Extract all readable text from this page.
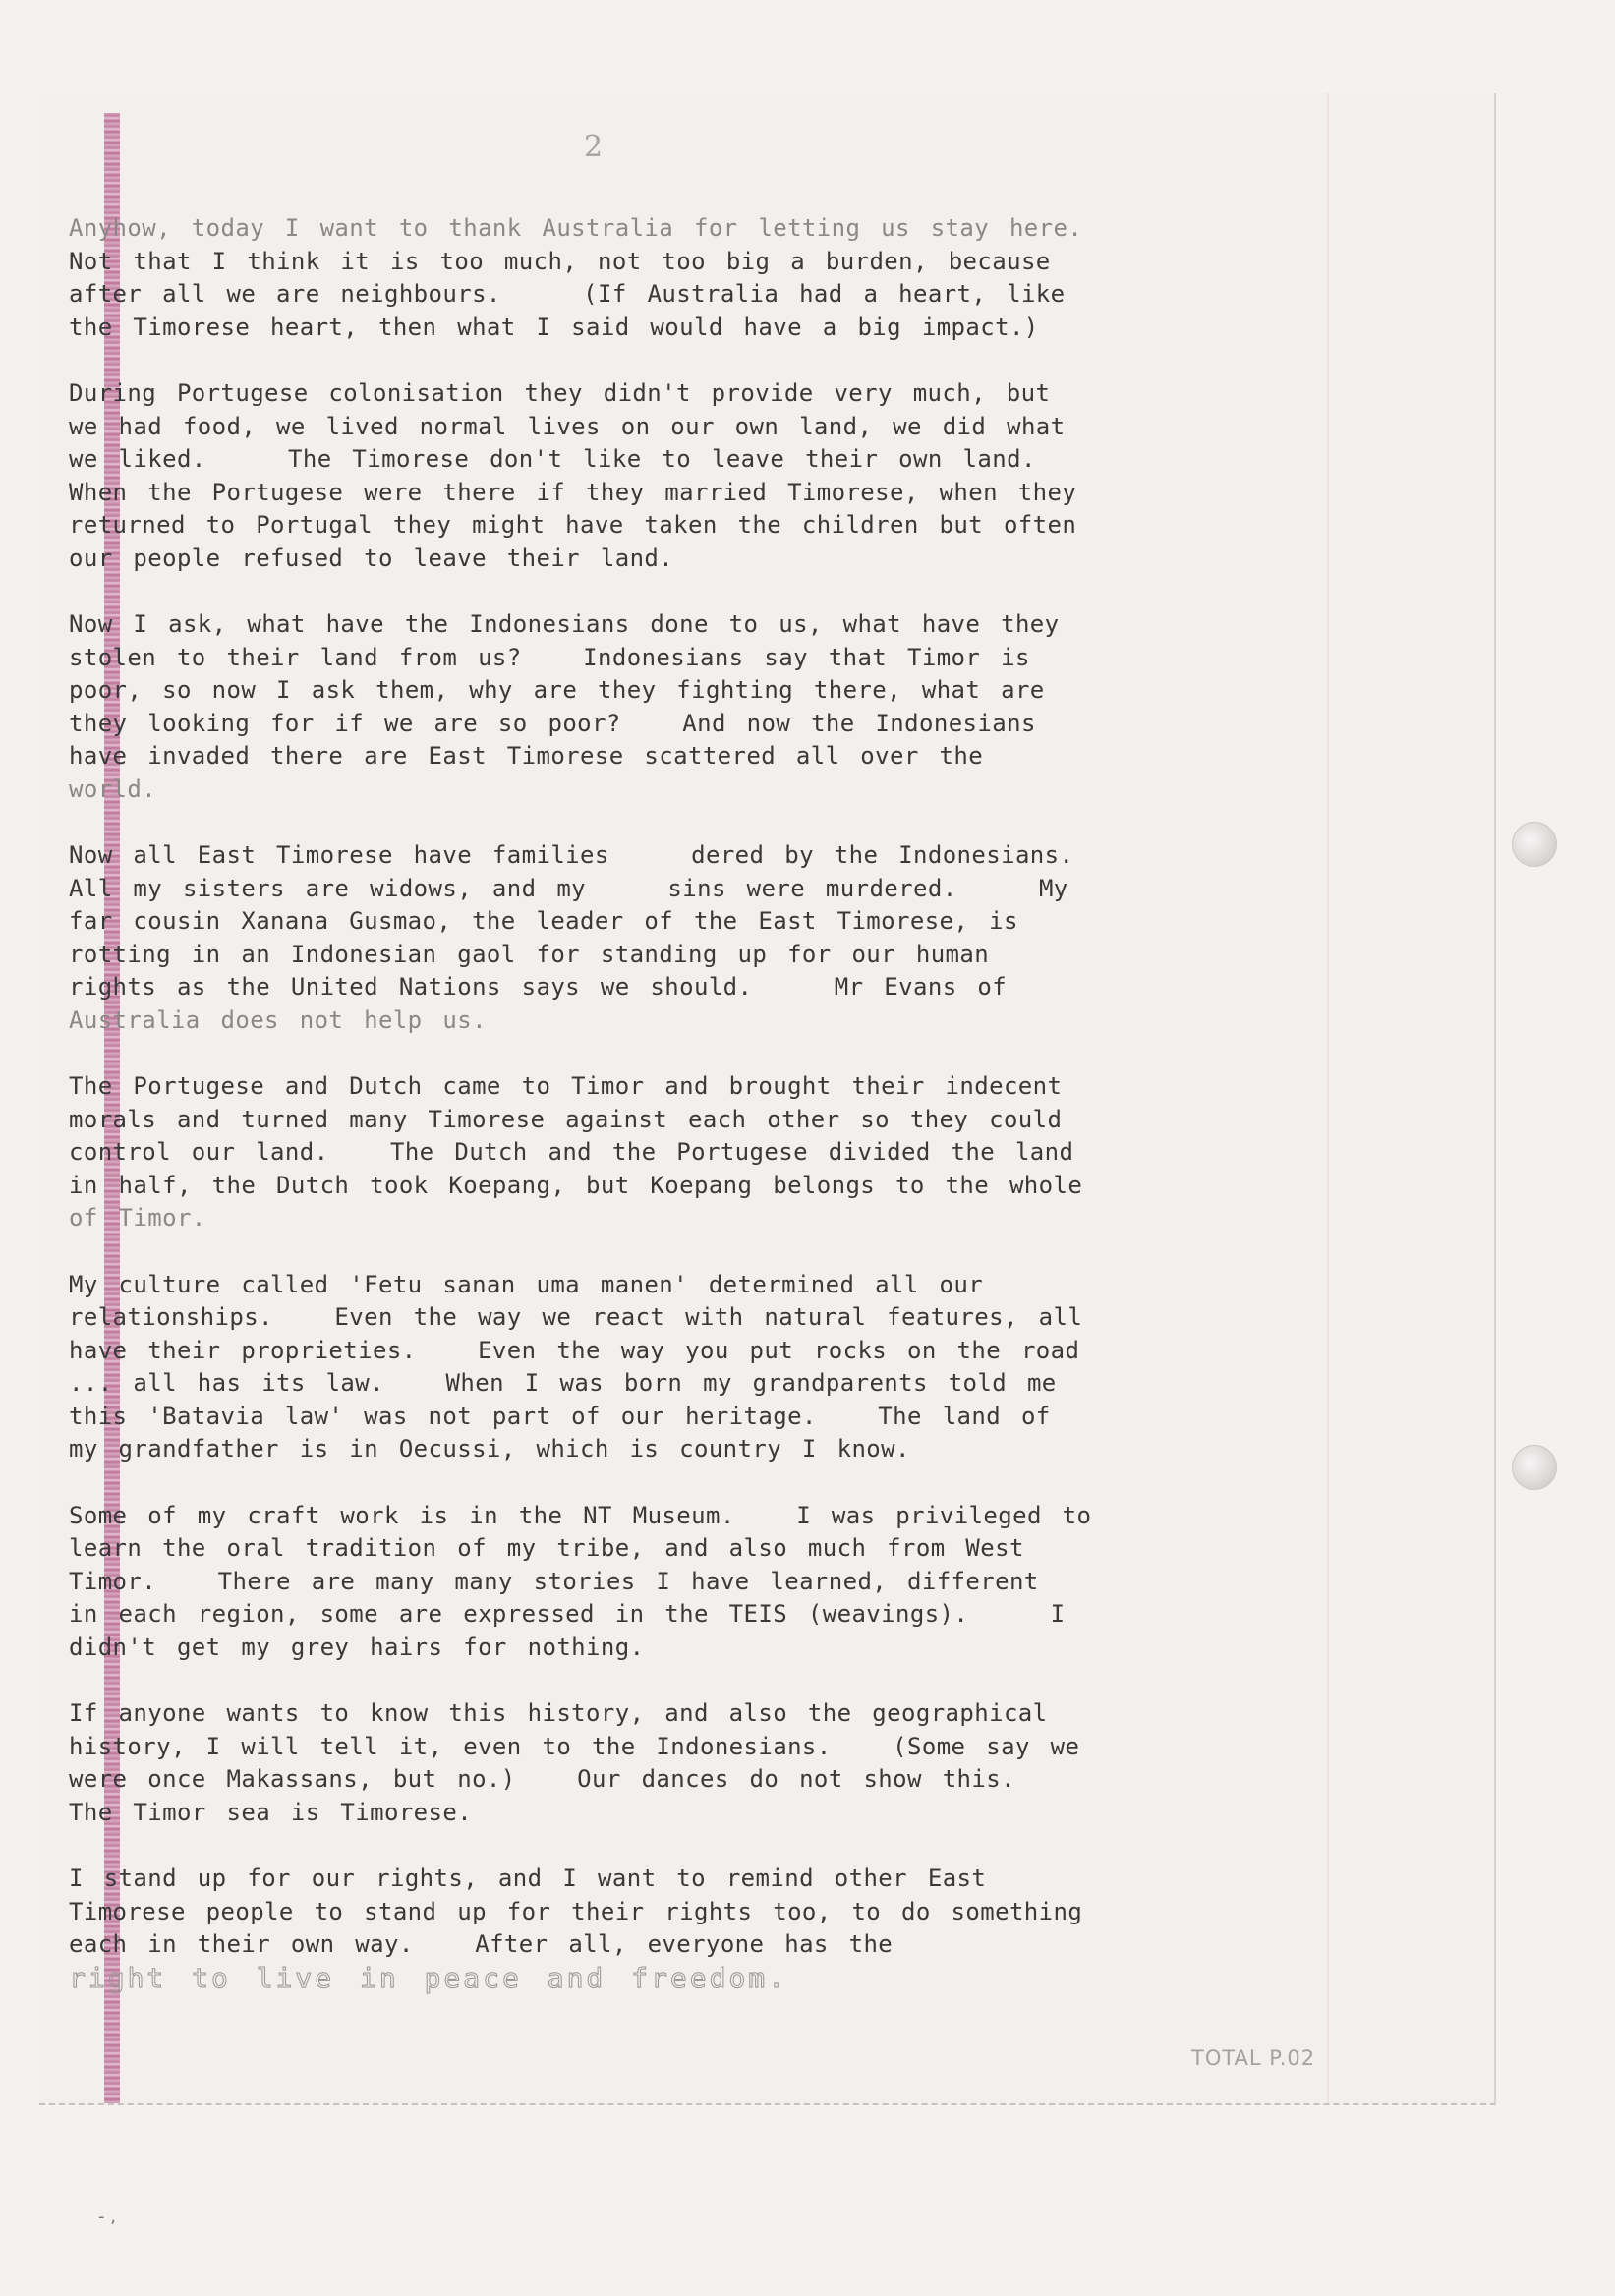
2
Anyhow, today I want to thank Australia for letting us stay here.
Not that I think it is too much, not too big a burden, because
after all we are neighbours.    (If Australia had a heart, like
the Timorese heart, then what I said would have a big impact.)
During Portugese colonisation they didn't provide very much, but
we had food, we lived normal lives on our own land, we did what
we liked.    The Timorese don't like to leave their own land.
When the Portugese were there if they married Timorese, when they
returned to Portugal they might have taken the children but often
our people refused to leave their land.
Now I ask, what have the Indonesians done to us, what have they
stolen to their land from us?   Indonesians say that Timor is
poor, so now I ask them, why are they fighting there, what are
they looking for if we are so poor?   And now the Indonesians
have invaded there are East Timorese scattered all over the
world.
Now all East Timorese have families    dered by the Indonesians.
All my sisters are widows, and my    sins were murdered.    My
far cousin Xanana Gusmao, the leader of the East Timorese, is
rotting in an Indonesian gaol for standing up for our human
rights as the United Nations says we should.    Mr Evans of
Australia does not help us.
The Portugese and Dutch came to Timor and brought their indecent
morals and turned many Timorese against each other so they could
control our land.   The Dutch and the Portugese divided the land
in half, the Dutch took Koepang, but Koepang belongs to the whole
of Timor.
My culture called 'Fetu sanan uma manen' determined all our
relationships.   Even the way we react with natural features, all
have their proprieties.   Even the way you put rocks on the road
... all has its law.   When I was born my grandparents told me
this 'Batavia law' was not part of our heritage.   The land of
my grandfather is in Oecussi, which is country I know.
Some of my craft work is in the NT Museum.   I was privileged to
learn the oral tradition of my tribe, and also much from West
Timor.   There are many many stories I have learned, different
in each region, some are expressed in the TEIS (weavings).    I
didn't get my grey hairs for nothing.
If anyone wants to know this history, and also the geographical
history, I will tell it, even to the Indonesians.   (Some say we
were once Makassans, but no.)   Our dances do not show this.
The Timor sea is Timorese.
I stand up for our rights, and I want to remind other East
Timorese people to stand up for their rights too, to do something
each in their own way.   After all, everyone has the
right to live in peace and freedom.
TOTAL P.02
- ,
